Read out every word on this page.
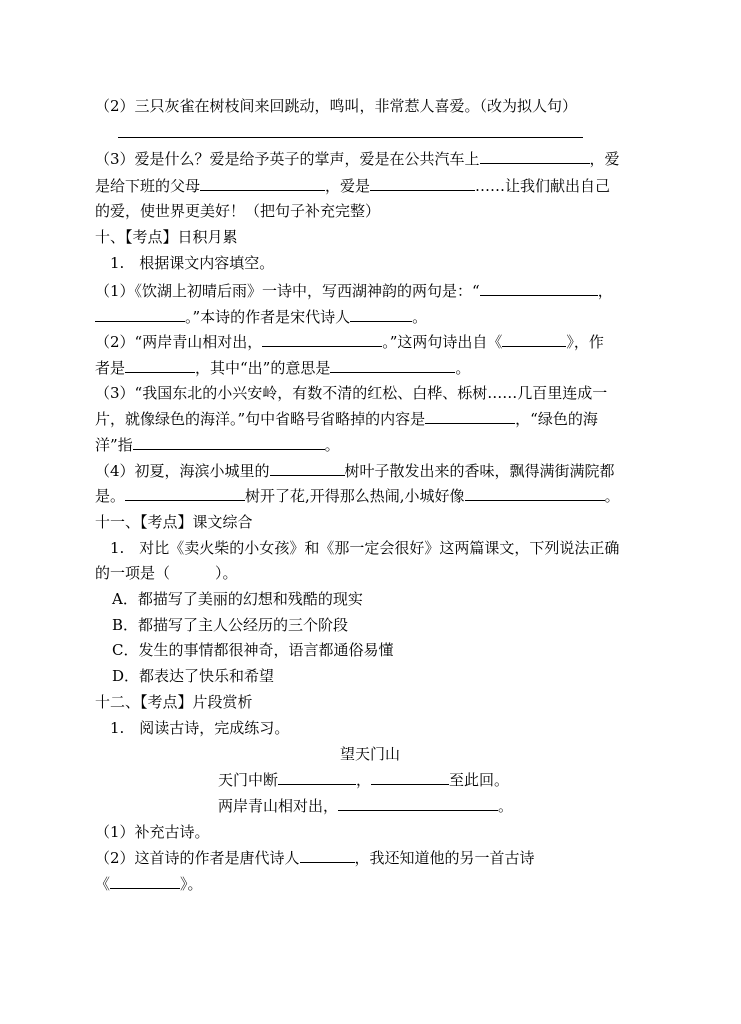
（2）三只灰雀在树枝间来回跳动，鸣叫，非常惹人喜爱。（改为拟人句）
（3）爱是什么？爱是给予英子的掌声，爱是在公共汽车上	，爱
是给下班的父母	，爱是	……让我们献出自己
的爱，使世界更美好！（把句子补充完整）
十、【考点】日积月累
1.　根据课文内容填空。
（1）《饮湖上初晴后雨》一诗中，写西湖神韵的两句是：“	，
。”本诗的作者是宋代诗人	。
（2）“两岸青山相对出，	。”这两句诗出自《	》，作
者是	，其中“出”的意思是	。
（3）“我国东北的小兴安岭，有数不清的红松、白桦、栎树……几百里连成一
片，就像绿色的海洋。”句中省略号省略掉的内容是	，“绿色的海
洋”指	。
（4）初夏，海滨小城里的	树叶子散发出来的香味，飘得满街满院都
是。	树开了花,开得那么热闹,小城好像	。
十一、【考点】课文综合
1.　对比《卖火柴的小女孩》和《那一定会很好》这两篇课文，下列说法正确
的一项是（　　　）。
A．都描写了美丽的幻想和残酷的现实
B．都描写了主人公经历的三个阶段
C．发生的事情都很神奇，语言都通俗易懂
D．都表达了快乐和希望
十二、【考点】片段赏析
1.　阅读古诗，完成练习。
望天门山
天门中断	，	至此回。
两岸青山相对出，	。
（1）补充古诗。
（2）这首诗的作者是唐代诗人	，我还知道他的另一首古诗
《	》。
